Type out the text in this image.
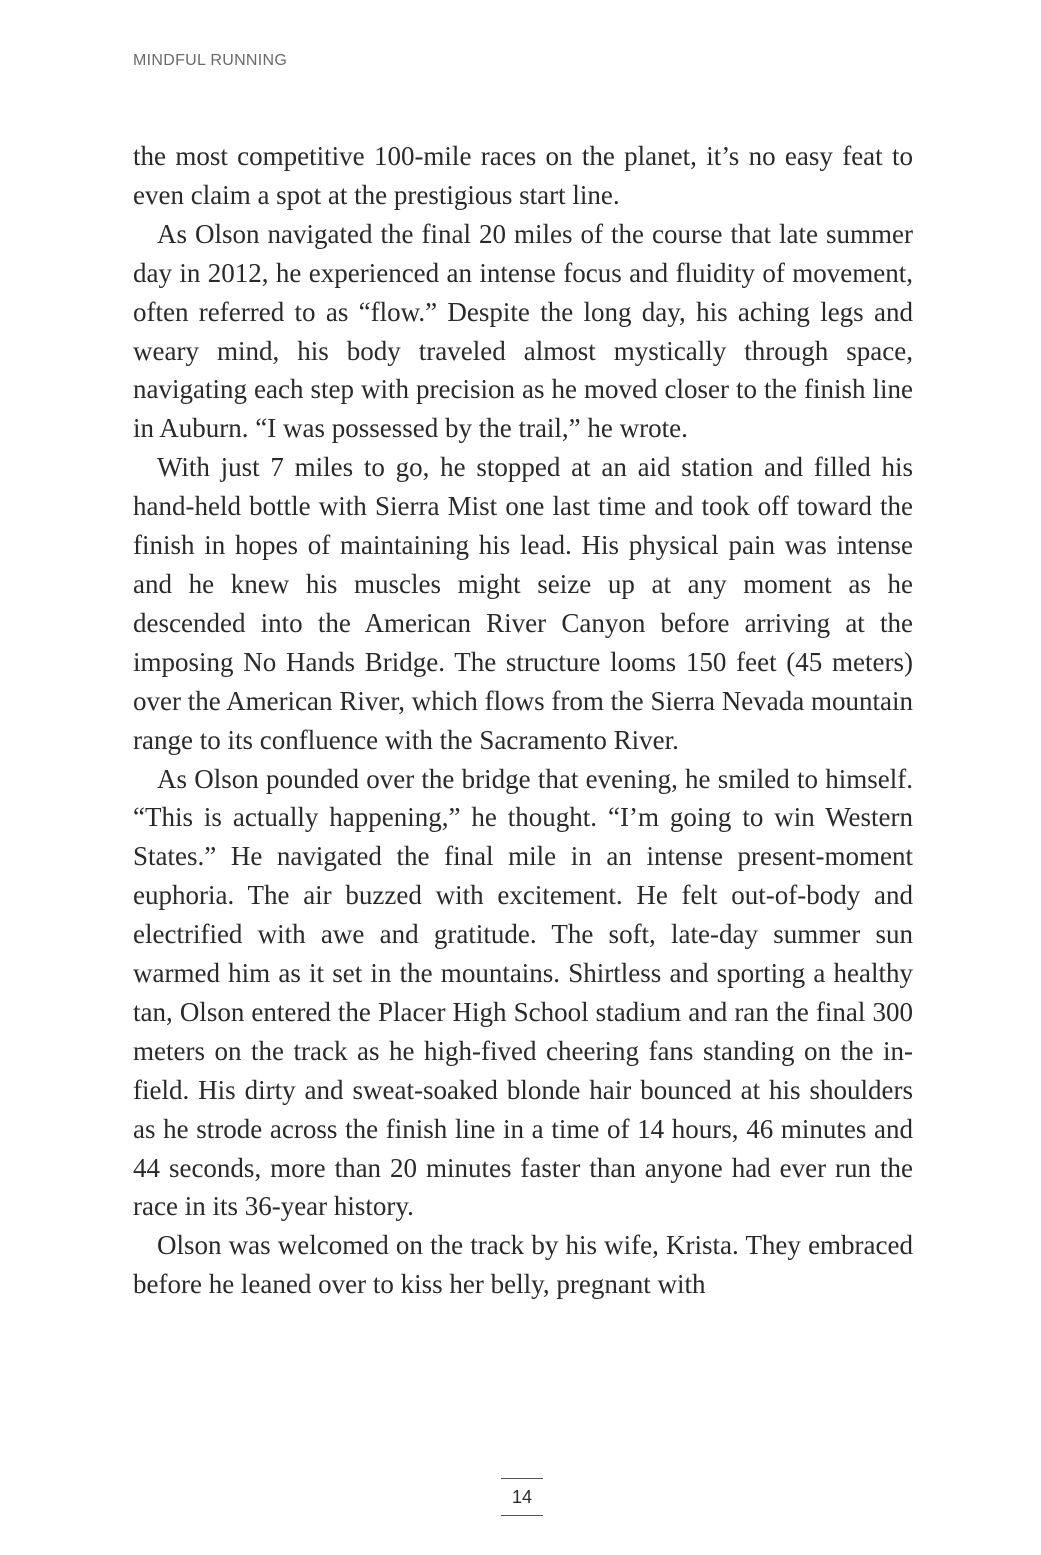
MINDFUL RUNNING

the most competitive 100-mile races on the planet, it’s no easy feat to even claim a spot at the prestigious start line.

As Olson navigated the final 20 miles of the course that late summer day in 2012, he experienced an intense focus and fluidity of movement, often referred to as “flow.” Despite the long day, his aching legs and weary mind, his body traveled almost mystically through space, navigating each step with precision as he moved closer to the finish line in Auburn. “I was possessed by the trail,” he wrote.

With just 7 miles to go, he stopped at an aid station and filled his hand-held bottle with Sierra Mist one last time and took off toward the finish in hopes of maintaining his lead. His physical pain was intense and he knew his muscles might seize up at any moment as he descended into the American River Canyon before arriving at the imposing No Hands Bridge. The structure looms 150 feet (45 meters) over the American River, which flows from the Sierra Nevada mountain range to its confluence with the Sacramento River.

As Olson pounded over the bridge that evening, he smiled to himself. “This is actually happening,” he thought. “I’m going to win Western States.” He navigated the final mile in an intense present-moment euphoria. The air buzzed with excitement. He felt out-of-body and electrified with awe and gratitude. The soft, late-day summer sun warmed him as it set in the mountains. Shirtless and sporting a healthy tan, Olson entered the Placer High School stadium and ran the final 300 meters on the track as he high-fived cheering fans standing on the in-field. His dirty and sweat-soaked blonde hair bounced at his shoulders as he strode across the finish line in a time of 14 hours, 46 minutes and 44 seconds, more than 20 minutes faster than anyone had ever run the race in its 36-year history.

Olson was welcomed on the track by his wife, Krista. They embraced before he leaned over to kiss her belly, pregnant with

14
